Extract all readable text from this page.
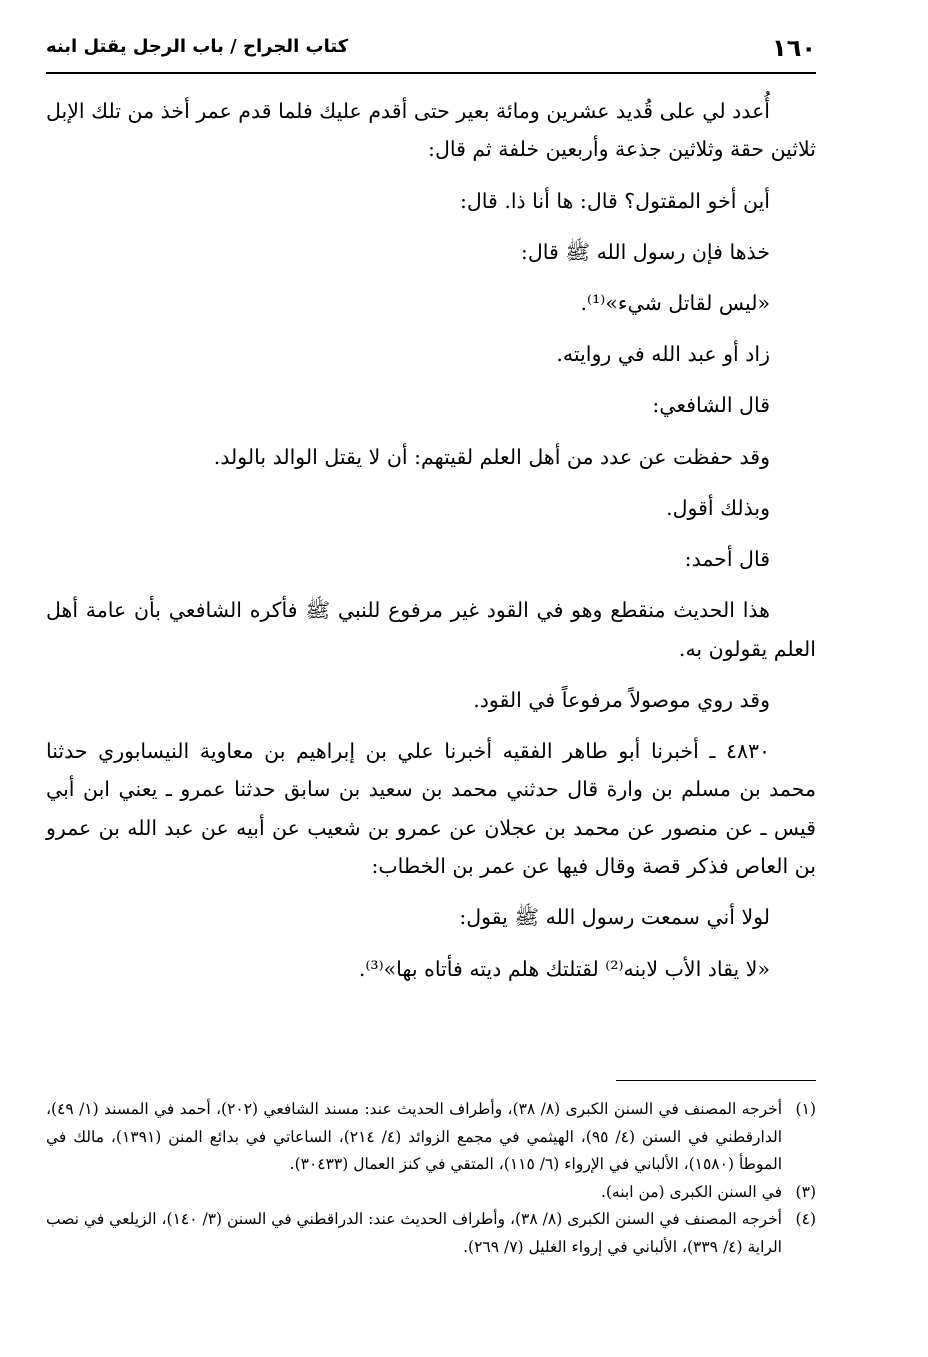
١٦٠
كتاب الجراح / باب الرجل يقتل ابنه

أُعدد لي على قُديد عشرين ومائة بعير حتى أقدم عليك فلما قدم عمر أخذ من تلك الإبل ثلاثين حقة وثلاثين جذعة وأربعين خلفة ثم قال:

أين أخو المقتول؟ قال: ها أنا ذا. قال:

خذها فإن رسول الله ﷺ قال:

«ليس لقاتل شيء»⁽¹⁾.

زاد أو عبد الله في روايته.

قال الشافعي:

وقد حفظت عن عدد من أهل العلم لقيتهم: أن لا يقتل الوالد بالولد.

وبذلك أقول.

قال أحمد:

هذا الحديث منقطع وهو في القود غير مرفوع للنبي ﷺ فأكره الشافعي بأن عامة أهل العلم يقولون به.

وقد روي موصولاً مرفوعاً في القود.

٤٨٣٠ ـ أخبرنا أبو طاهر الفقيه أخبرنا علي بن إبراهيم بن معاوية النيسابوري حدثنا محمد بن مسلم بن وارة قال حدثني محمد بن سعيد بن سابق حدثنا عمرو ـ يعني ابن أبي قيس ـ عن منصور عن محمد بن عجلان عن عمرو بن شعيب عن أبيه عن عبد الله بن عمرو بن العاص فذكر قصة وقال فيها عن عمر بن الخطاب:

لولا أني سمعت رسول الله ﷺ يقول:

«لا يقاد الأب لابنه⁽²⁾ لقتلتك هلم ديته فأتاه بها»⁽³⁾.

(١)
أخرجه المصنف في السنن الكبرى (٨/ ٣٨)، وأطراف الحديث عند: مسند الشافعي (٢٠٢)، أحمد في المسند (١/ ٤٩)، الدارقطني في السنن (٤/ ٩٥)، الهيثمي في مجمع الزوائد (٤/ ٢١٤)، الساعاتي في بدائع المنن (١٣٩١)، مالك في الموطأ (١٥٨٠)، الألباني في الإرواء (٦/ ١١٥)، المتقي في كنز العمال (٣٠٤٣٣).
(٣)
في السنن الكبرى (من ابنه).
(٤)
أخرجه المصنف في السنن الكبرى (٨/ ٣٨)، وأطراف الحديث عند: الدراقطني في السنن (٣/ ١٤٠)، الزيلعي في نصب الراية (٤/ ٣٣٩)، الألباني في إرواء الغليل (٧/ ٢٦٩).
